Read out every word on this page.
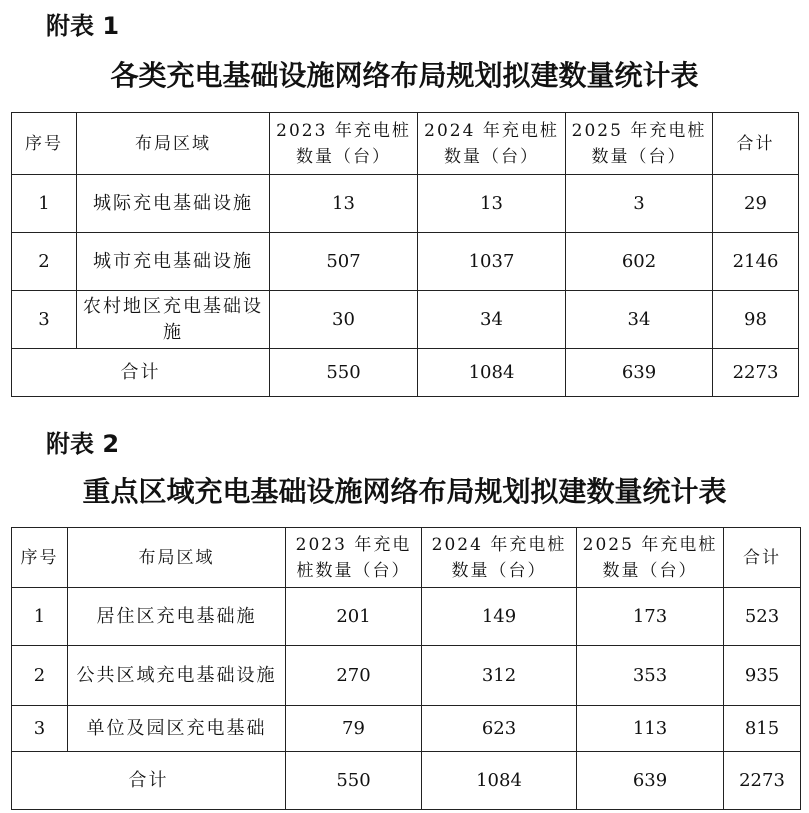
附表 1
各类充电基础设施网络布局规划拟建数量统计表
序号	布局区域	2023 年充电桩数量（台）	2024 年充电桩数量（台）	2025 年充电桩数量（台）	合计
1	城际充电基础设施	13	13	3	29
2	城市充电基础设施	507	1037	602	2146
3	农村地区充电基础设施	30	34	34	98
合计		550	1084	639	2273
附表 2
重点区域充电基础设施网络布局规划拟建数量统计表
序号	布局区域	2023 年充电桩数量（台）	2024 年充电桩数量（台）	2025 年充电桩数量（台）	合计
1	居住区充电基础施	201	149	173	523
2	公共区域充电基础设施	270	312	353	935
3	单位及园区充电基础	79	623	113	815
合计		550	1084	639	2273
